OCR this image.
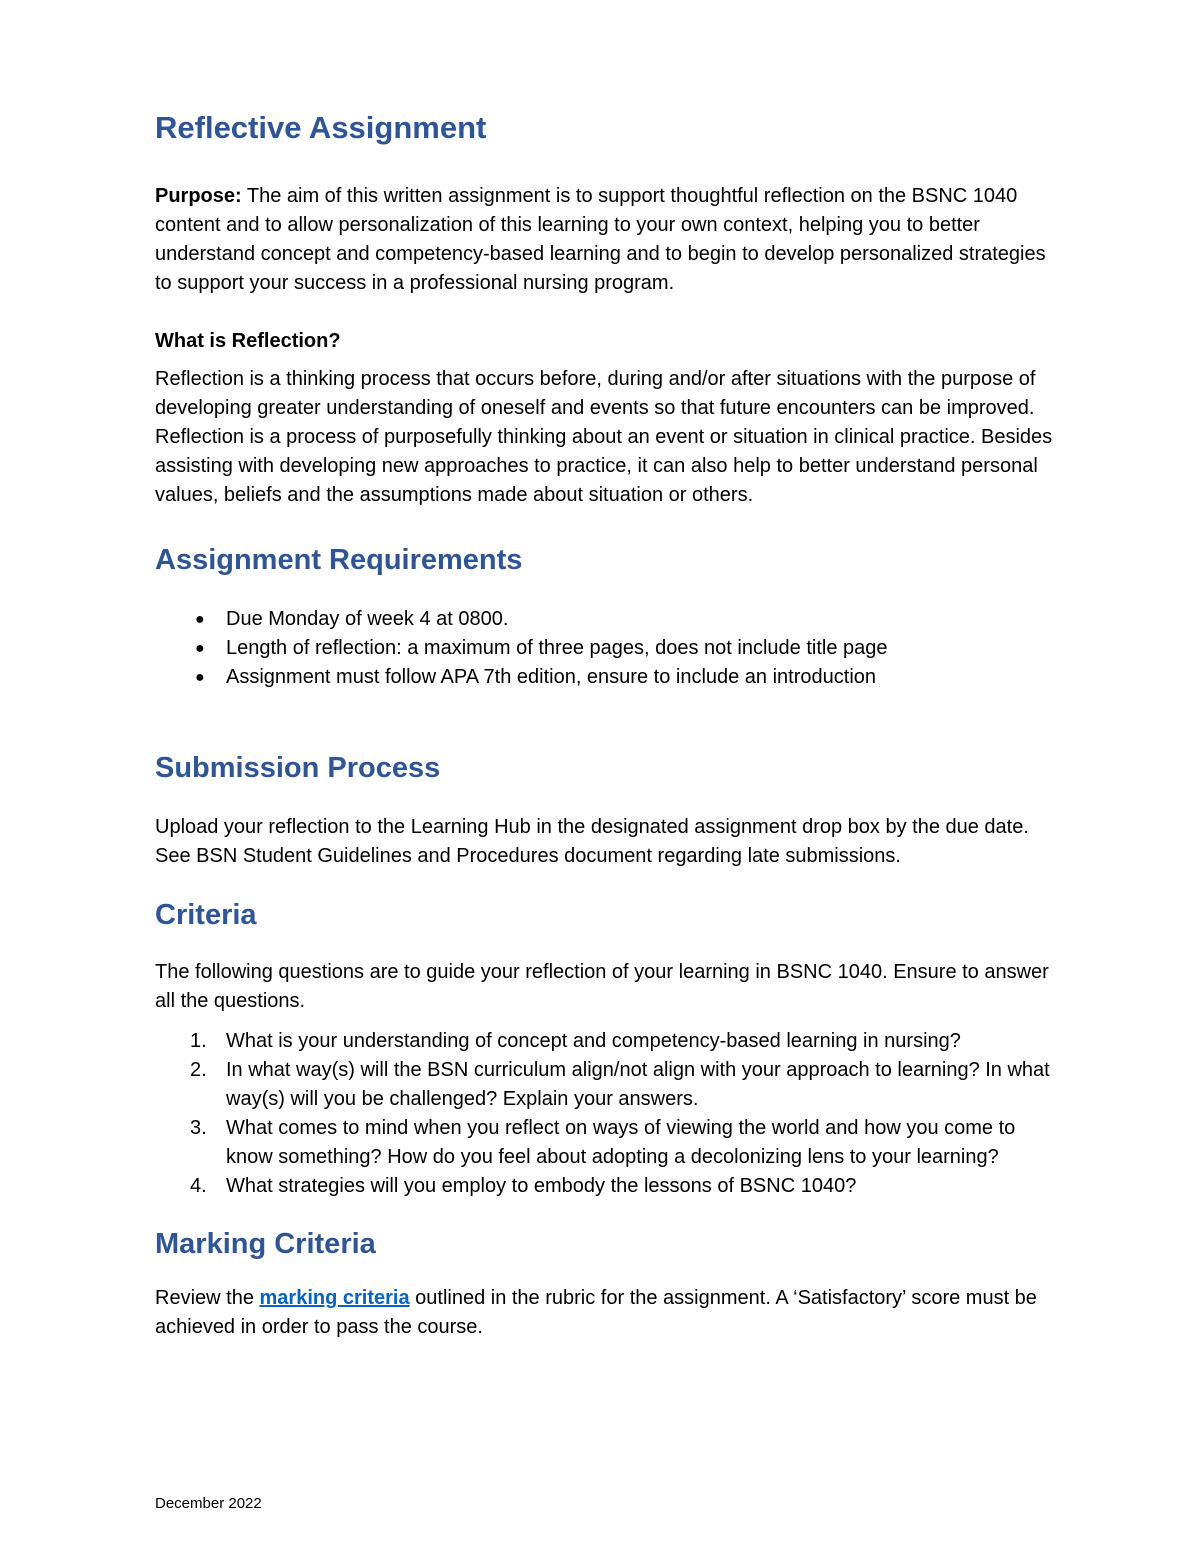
Reflective Assignment

Purpose: The aim of this written assignment is to support thoughtful reflection on the BSNC 1040 content and to allow personalization of this learning to your own context, helping you to better understand concept and competency-based learning and to begin to develop personalized strategies to support your success in a professional nursing program.

What is Reflection?

Reflection is a thinking process that occurs before, during and/or after situations with the purpose of developing greater understanding of oneself and events so that future encounters can be improved. Reflection is a process of purposefully thinking about an event or situation in clinical practice. Besides assisting with developing new approaches to practice, it can also help to better understand personal values, beliefs and the assumptions made about situation or others.

Assignment Requirements
● Due Monday of week 4 at 0800.
● Length of reflection: a maximum of three pages, does not include title page
● Assignment must follow APA 7th edition, ensure to include an introduction
Submission Process

Upload your reflection to the Learning Hub in the designated assignment drop box by the due date. See BSN Student Guidelines and Procedures document regarding late submissions.

Criteria

The following questions are to guide your reflection of your learning in BSNC 1040. Ensure to answer all the questions.

1. What is your understanding of concept and competency-based learning in nursing?
2. In what way(s) will the BSN curriculum align/not align with your approach to learning? In what way(s) will you be challenged? Explain your answers.
3. What comes to mind when you reflect on ways of viewing the world and how you come to know something? How do you feel about adopting a decolonizing lens to your learning?
4. What strategies will you employ to embody the lessons of BSNC 1040?
Marking Criteria

Review the marking criteria outlined in the rubric for the assignment. A ‘Satisfactory’ score must be achieved in order to pass the course.

December 2022
